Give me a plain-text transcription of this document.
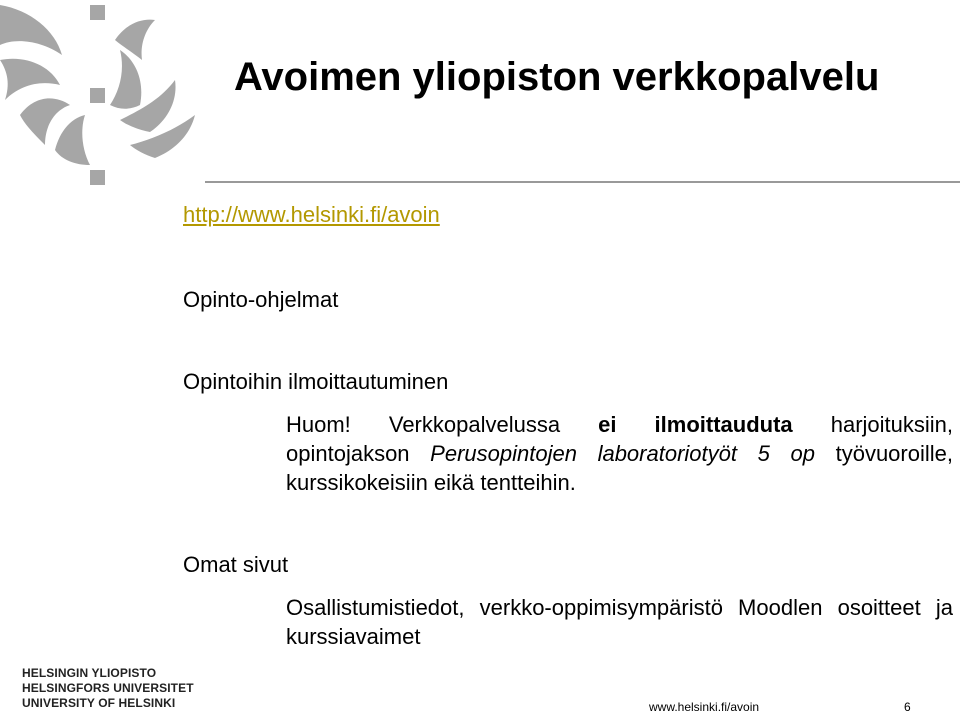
Avoimen yliopiston verkkopalvelu
http://www.helsinki.fi/avoin
Opinto-ohjelmat
Opintoihin ilmoittautuminen
Huom! Verkkopalvelussa ei ilmoittauduta harjoituksiin, opintojakson Perusopintojen laboratoriotyöt 5 op työvuoroille, kurssikokeisiin eikä tentteihin.
Omat sivut
Osallistumistiedot, verkko-oppimisympäristö Moodlen osoitteet ja kurssiavaimet
HELSINGIN YLIOPISTO
HELSINGFORS UNIVERSITET
UNIVERSITY OF HELSINKI	www.helsinki.fi/avoin	6
